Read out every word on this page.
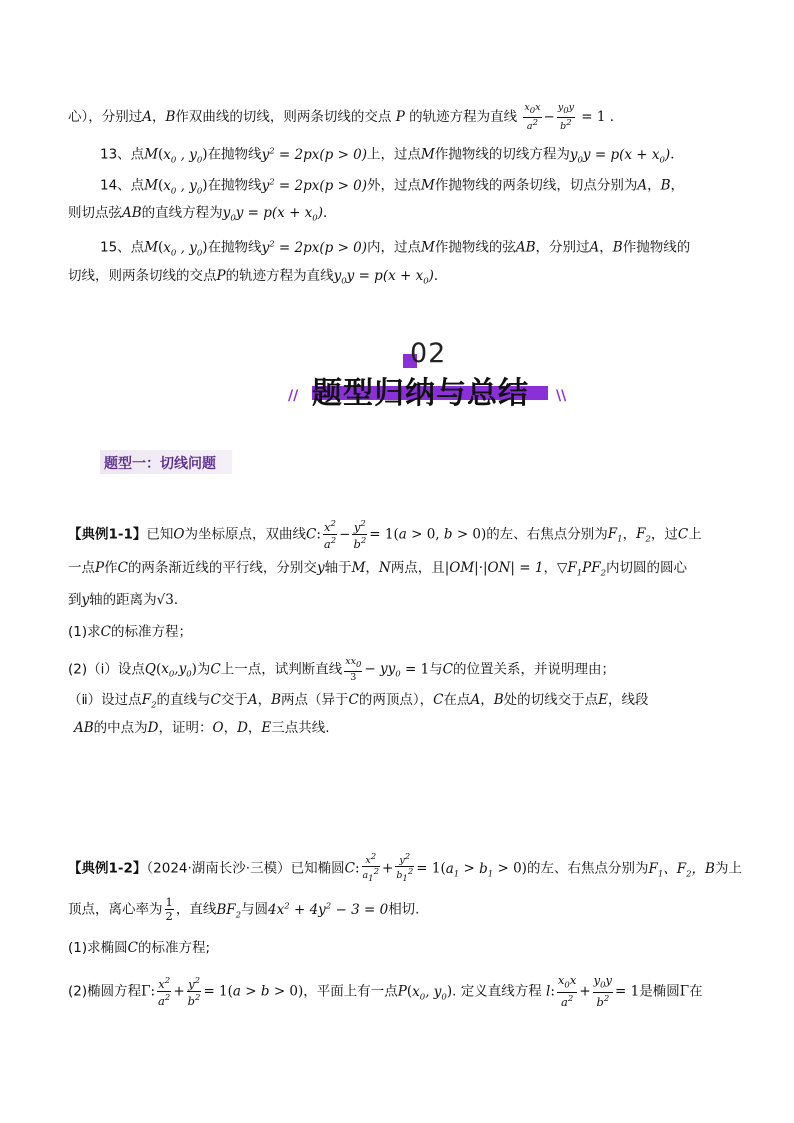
心），分别过A，B作双曲线的切线，则两条切线的交点 P 的轨迹方程为直线 $\frac{x_0x}{a^2} - \frac{y_0y}{b^2} = 1$ ．
13、点$M(x_0$ , $y_0$)在抛物线$y^2 = 2px(p > 0)$上，过点M作抛物线的切线方程为$y_0y = p(x + x_0)$．
14、点$M(x_0$ , $y_0$)在抛物线$y^2 = 2px(p > 0)$外，过点M作抛物线的两条切线，切点分别为A，B，
则切点弦AB的直线方程为$y_0y = p(x + x_0)$．
15、点$M(x_0$ , $y_0$)在抛物线$y^2 = 2px(p > 0)$内，过点M作抛物线的弦AB，分别过A，B作抛物线的
切线，则两条切线的交点P的轨迹方程为直线$y_0y = p(x + x_0)$．
02
题型归纳与总结
//	\\
题型一：切线问题
【典例1-1】已知O为坐标原点，双曲线C: $\frac{x^2}{a^2} - \frac{y^2}{b^2} = 1(a > 0$, b > 0)的左、右焦点分别为$F_1$，$F_2$，过C上
一点P作C的两条渐近线的平行线，分别交y轴于M，N两点，且|OM|·|ON| = 1，$▽F_1PF_2$内切圆的圆心
到y轴的距离为√3．
(1)求C的标准方程；
(2)（ⅰ）设点$Q(x_0,y_0)$为C上一点，试判断直线 $\frac{xx_0}{3} - yy_0 = 1$与C的位置关系，并说明理由；
（ⅱ）设过点$F_2$的直线与C交于A，B两点（异于C的两顶点），C在点A，B处的切线交于点E，线段
AB的中点为D，证明：O，D，E三点共线.
【典例1-2】（2024·湖南长沙·三模）已知椭圆C: $\frac{x^2}{a_1^2} + \frac{y^2}{b_1^2} = 1(a_1 > b_1 > 0)$的左、右焦点分别为$F_1$、$F_2$，B为上
顶点，离心率为 $\frac{1}{2}$ ，直线$BF_2$与圆$4x^2 + 4y^2 - 3 = 0$相切.
(1)求椭圆C的标准方程;
(2)椭圆方程Γ: $\frac{x^2}{a^2} + \frac{y^2}{b^2} = 1(a > b > 0)$，平面上有一点$P(x_0$, $y_0$). 定义直线方程 l: $\frac{x_0x}{a^2} + \frac{y_0y}{b^2} = 1$是椭圆Γ在
